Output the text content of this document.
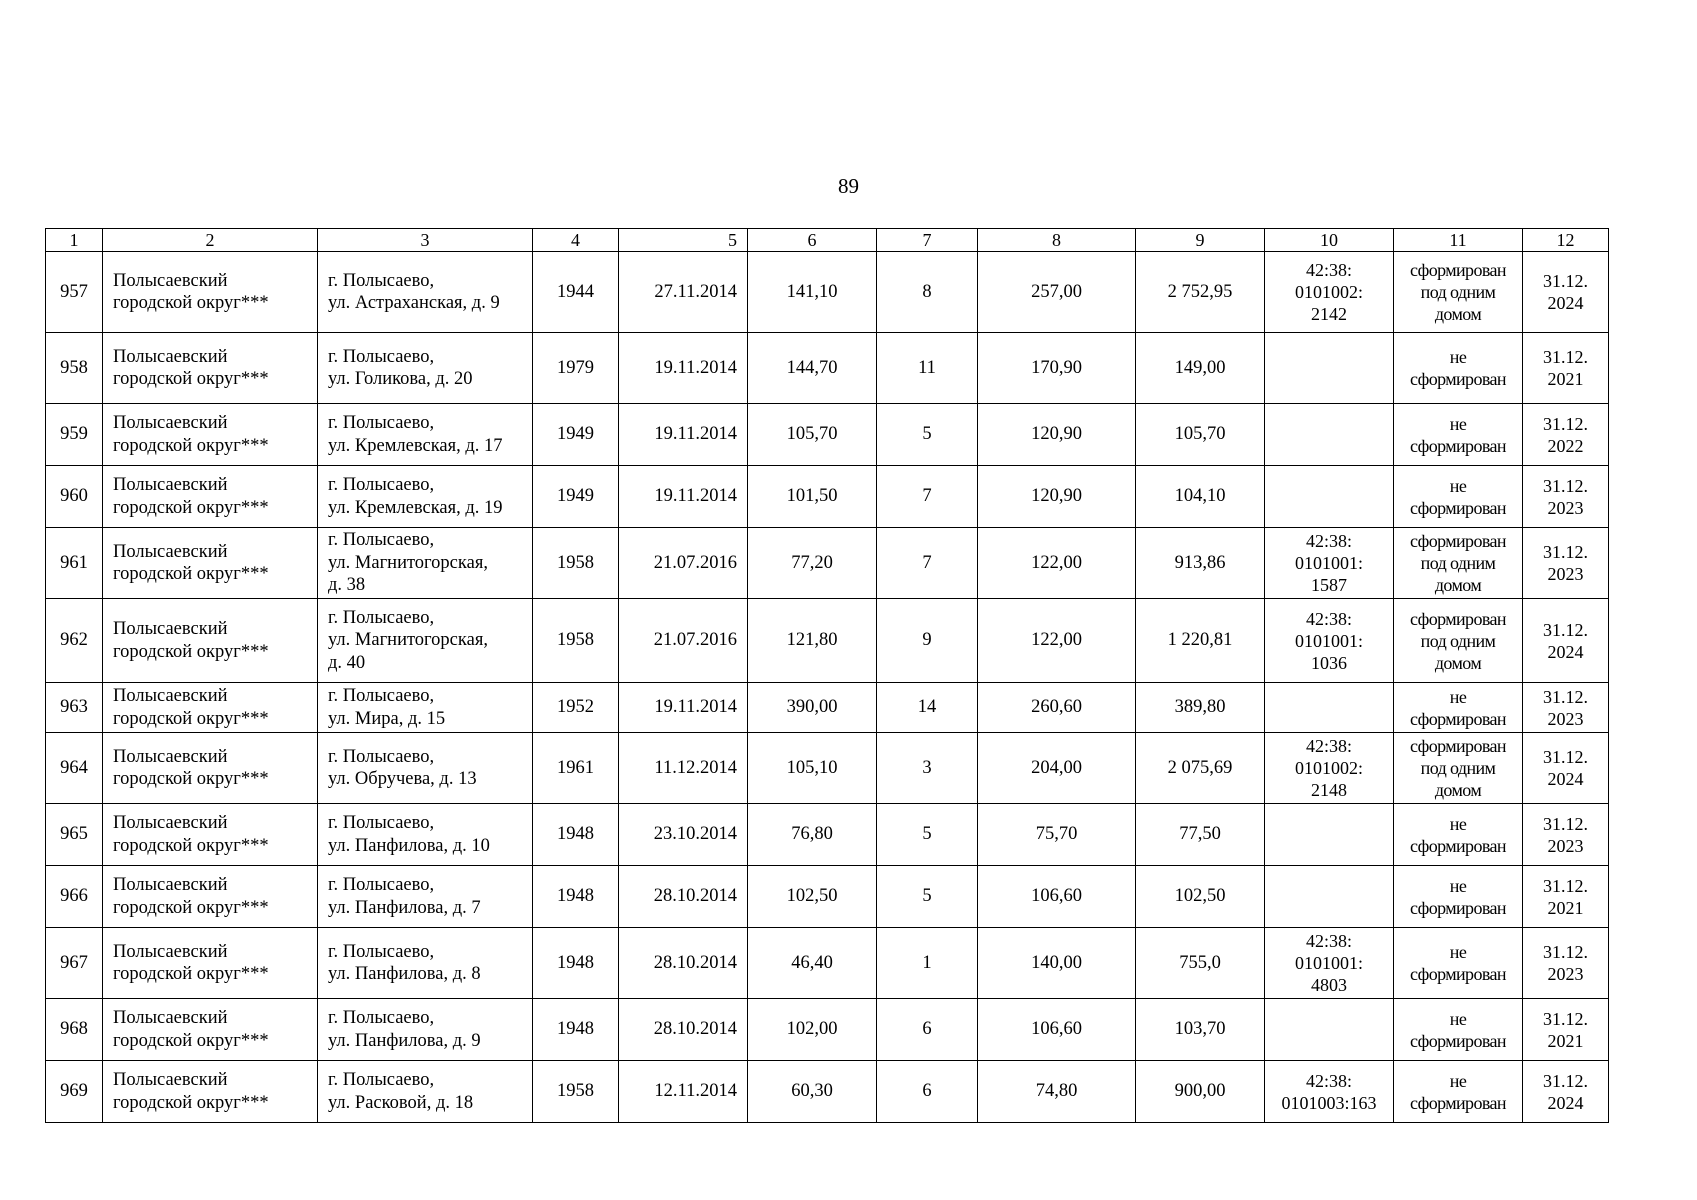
89
1	2	3	4	5	6	7	8	9	10	11	12
957	Полысаевский
городской округ***	г. Полысаево,
ул. Астраханская, д. 9	1944	27.11.2014	141,10	8	257,00	2 752,95	42:38:
0101002:
2142	сформирован
под одним
домом	31.12.
2024

958	Полысаевский
городской округ***	г. Полысаево,
ул. Голикова, д. 20	1979	19.11.2014	144,70	11	170,90	149,00		не
сформирован	31.12.
2021

959	Полысаевский
городской округ***	г. Полысаево,
ул. Кремлевская, д. 17	1949	19.11.2014	105,70	5	120,90	105,70		не
сформирован	31.12.
2022

960	Полысаевский
городской округ***	г. Полысаево,
ул. Кремлевская, д. 19	1949	19.11.2014	101,50	7	120,90	104,10		не
сформирован	31.12.
2023

961	Полысаевский
городской округ***	г. Полысаево,
ул. Магнитогорская,
д. 38	1958	21.07.2016	77,20	7	122,00	913,86	42:38:
0101001:
1587	сформирован
под одним
домом	31.12.
2023

962	Полысаевский
городской округ***	г. Полысаево,
ул. Магнитогорская,
д. 40	1958	21.07.2016	121,80	9	122,00	1 220,81	42:38:
0101001:
1036	сформирован
под одним
домом	31.12.
2024

963	Полысаевский
городской округ***	г. Полысаево,
ул. Мира, д. 15	1952	19.11.2014	390,00	14	260,60	389,80		не
сформирован	31.12.
2023

964	Полысаевский
городской округ***	г. Полысаево,
ул. Обручева, д. 13	1961	11.12.2014	105,10	3	204,00	2 075,69	42:38:
0101002:
2148	сформирован
под одним
домом	31.12.
2024

965	Полысаевский
городской округ***	г. Полысаево,
ул. Панфилова, д. 10	1948	23.10.2014	76,80	5	75,70	77,50		не
сформирован	31.12.
2023

966	Полысаевский
городской округ***	г. Полысаево,
ул. Панфилова, д. 7	1948	28.10.2014	102,50	5	106,60	102,50		не
сформирован	31.12.
2021

967	Полысаевский
городской округ***	г. Полысаево,
ул. Панфилова, д. 8	1948	28.10.2014	46,40	1	140,00	755,0	42:38:
0101001:
4803	не
сформирован	31.12.
2023

968	Полысаевский
городской округ***	г. Полысаево,
ул. Панфилова, д. 9	1948	28.10.2014	102,00	6	106,60	103,70		не
сформирован	31.12.
2021

969	Полысаевский
городской округ***	г. Полысаево,
ул. Расковой, д. 18	1958	12.11.2014	60,30	6	74,80	900,00	42:38:
0101003:163	не
сформирован	31.12.
2024
